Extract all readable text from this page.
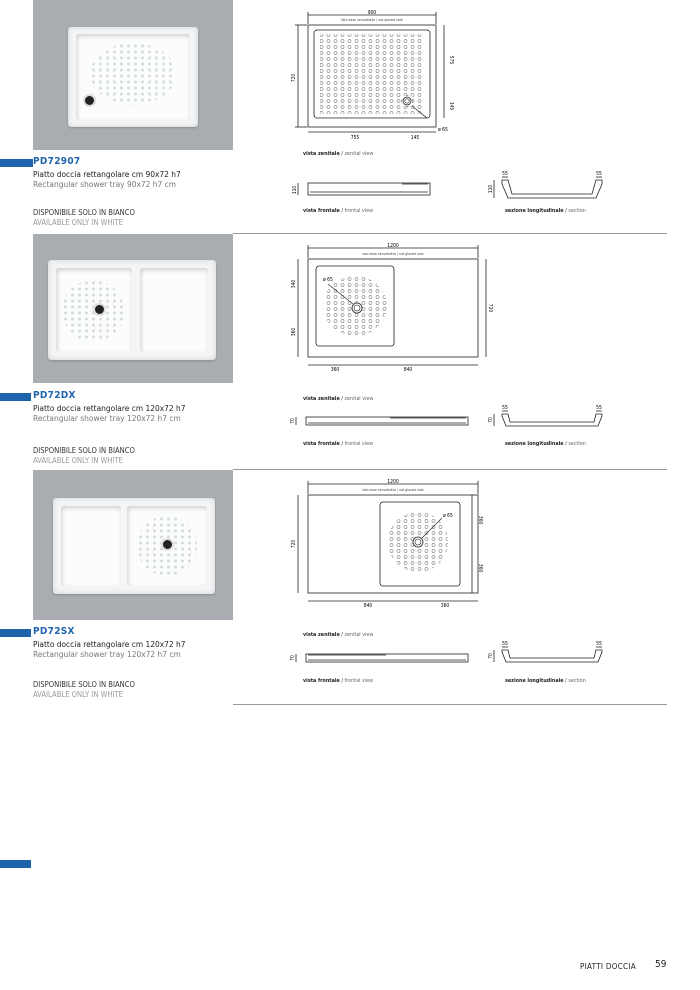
PD72907
Piatto doccia rettangolare cm 90x72 h7
Rectangular shower tray 90x72 h7 cm
DISPONIBILE SOLO IN BIANCO
AVAILABLE ONLY IN WHITE
900
fato esse senvallatto / not glazed side
720
575
145
755	145
ø 65
vista zenitale / zenital view
110
vista frontale / frontal view
55	55
110
sezione longitudinale / section
PD72DX
Piatto doccia rettangolare cm 120x72 h7
Rectangular shower tray 120x72 h7 cm
DISPONIBILE SOLO IN BIANCO
AVAILABLE ONLY IN WHITE
1200
lato esse senvallatto / not glazed side
340
360
720
360	840
ø 65
vista zenitale / zenital view
70
vista frontale / frontal view
55	55
70
sezione longitudinale / section
PD72SX
Piatto doccia rettangolare cm 120x72 h7
Rectangular shower tray 120x72 h7 cm
DISPONIBILE SOLO IN BIANCO
AVAILABLE ONLY IN WHITE
1200
lato esse senvallatto / not glazed side
720
360
360
840	360
ø 65
vista zenitale / zenital view
70
vista frontale / frontal view
55	55
70
sezione longitudinale / section
PIATTI DOCCIA 59
